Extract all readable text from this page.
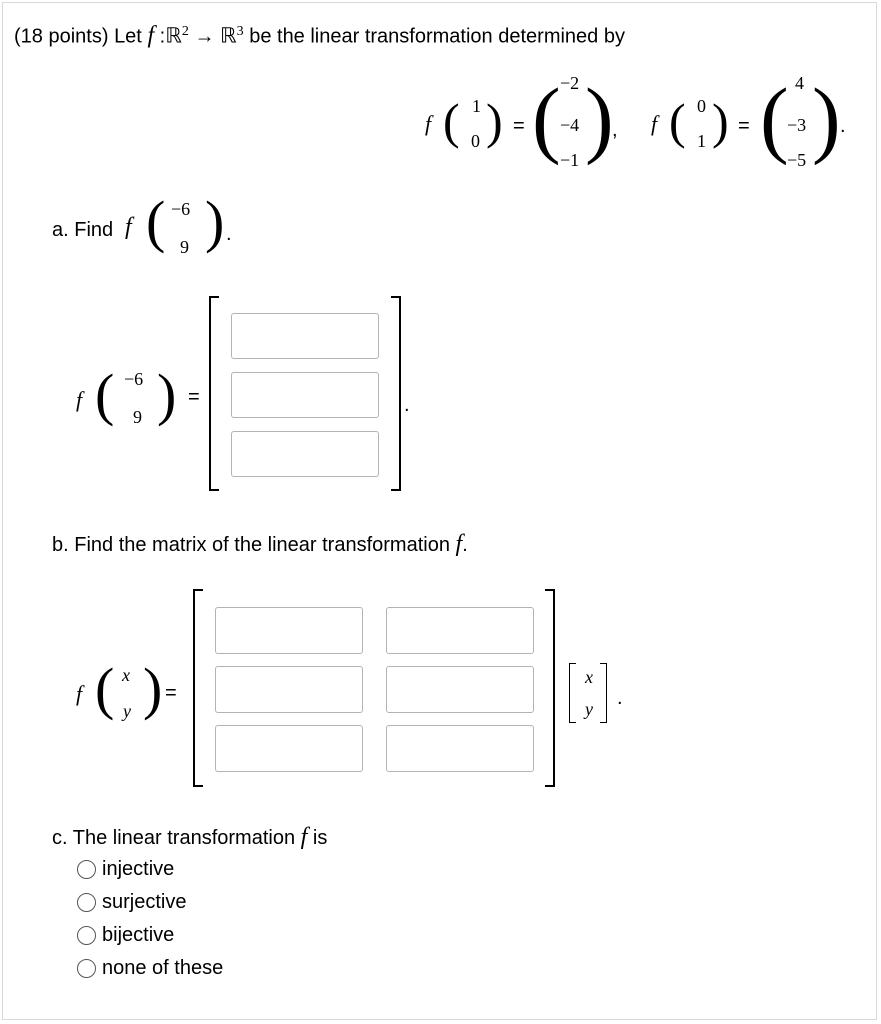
(18 points) Let f :ℝ$^2$ → ℝ$^3$ be the linear transformation determined by
f ( 1
0 ) = ( −2
−4
−1 )
, f ( 0
1 ) = ( 4
−3
−5 ) .
a. Find f ( −6
9 ) .
f ( −6
9 ) =	.
b. Find the matrix of the linear transformation f.
f ( x
y ) =
x
y .
c. The linear transformation f is
injective
surjective
bijective
none of these
